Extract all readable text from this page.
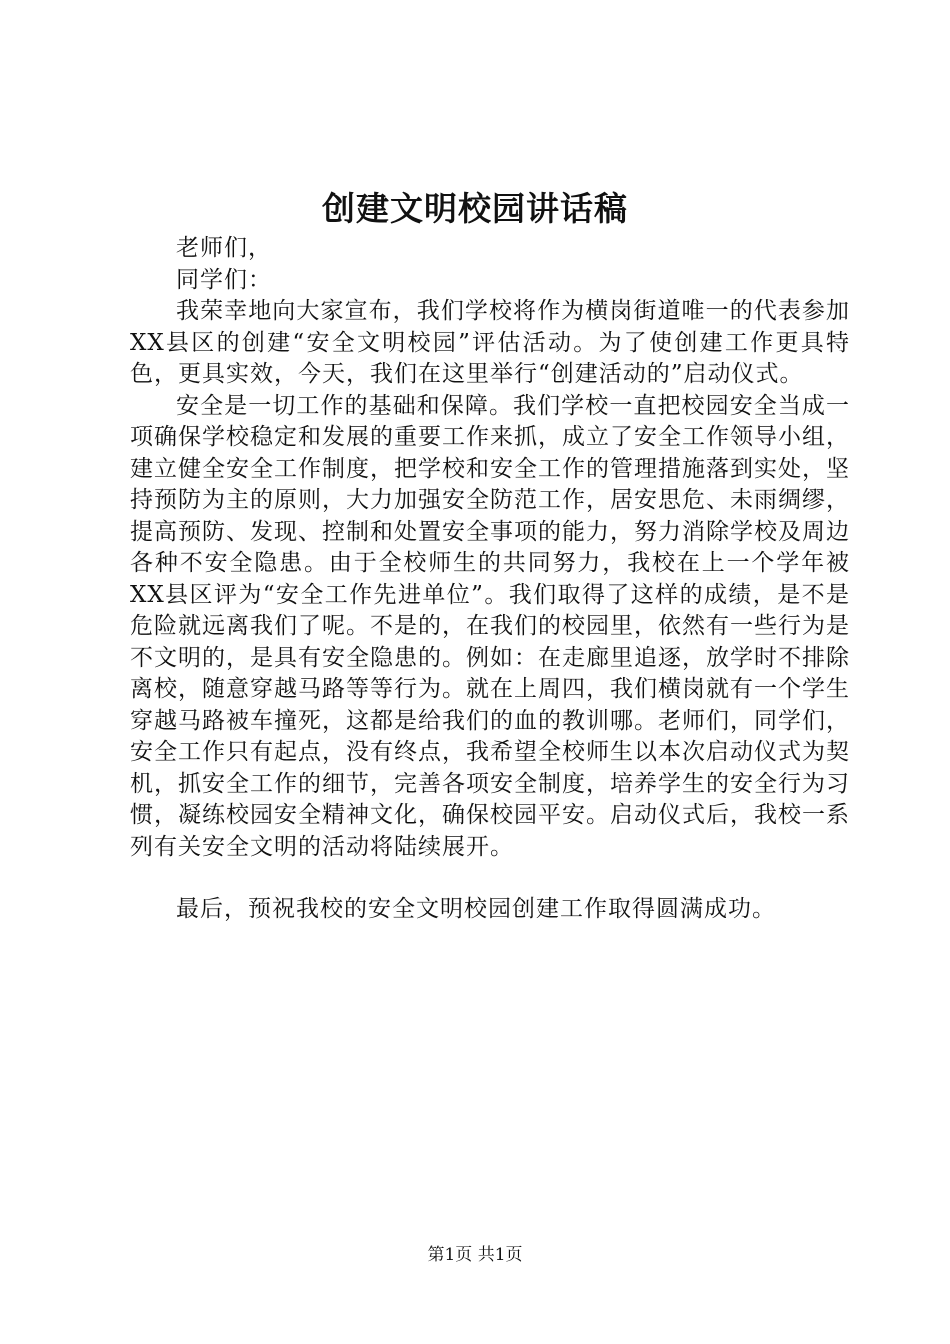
创建文明校园讲话稿

老师们，

同学们：

我荣幸地向大家宣布，我们学校将作为横岗街道唯一的代表参加XX县区的创建“安全文明校园”评估活动。为了使创建工作更具特色，更具实效，今天，我们在这里举行“创建活动的”启动仪式。

安全是一切工作的基础和保障。我们学校一直把校园安全当成一项确保学校稳定和发展的重要工作来抓，成立了安全工作领导小组，建立健全安全工作制度，把学校和安全工作的管理措施落到实处，坚持预防为主的原则，大力加强安全防范工作，居安思危、未雨绸缪，提高预防、发现、控制和处置安全事项的能力，努力消除学校及周边各种不安全隐患。由于全校师生的共同努力，我校在上一个学年被XX县区评为“安全工作先进单位”。我们取得了这样的成绩，是不是危险就远离我们了呢。不是的，在我们的校园里，依然有一些行为是不文明的，是具有安全隐患的。例如：在走廊里追逐，放学时不排除离校，随意穿越马路等等行为。就在上周四，我们横岗就有一个学生穿越马路被车撞死，这都是给我们的血的教训哪。老师们，同学们，安全工作只有起点，没有终点，我希望全校师生以本次启动仪式为契机，抓安全工作的细节，完善各项安全制度，培养学生的安全行为习惯，凝练校园安全精神文化，确保校园平安。启动仪式后，我校一系列有关安全文明的活动将陆续展开。

最后，预祝我校的安全文明校园创建工作取得圆满成功。

第1页 共1页
